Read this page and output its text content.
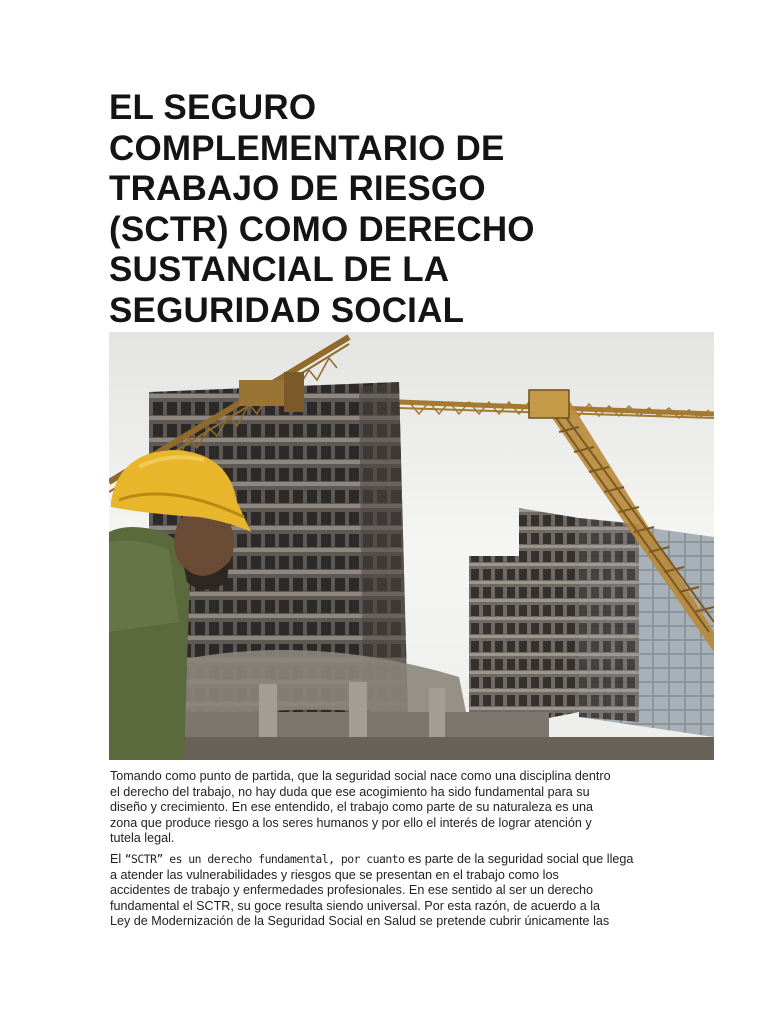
EL SEGURO
COMPLEMENTARIO DE
TRABAJO DE RIESGO
(SCTR) COMO DERECHO
SUSTANCIAL DE LA
SEGURIDAD SOCIAL
Tomando como punto de partida, que la seguridad social nace como una disciplina dentro
el derecho del trabajo, no hay duda que ese acogimiento ha sido fundamental para su
diseño y crecimiento. En ese entendido, el trabajo como parte de su naturaleza es una
zona que produce riesgo a los seres humanos y por ello el interés de lograr atención y
tutela legal.
El “SCTR” es un derecho fundamental, por cuanto es parte de la seguridad social que llega
a atender las vulnerabilidades y riesgos que se presentan en el trabajo como los
accidentes de trabajo y enfermedades profesionales. En ese sentido al ser un derecho
fundamental el SCTR, su goce resulta siendo universal. Por esta razón, de acuerdo a la
Ley de Modernización de la Seguridad Social en Salud se pretende cubrir únicamente las
